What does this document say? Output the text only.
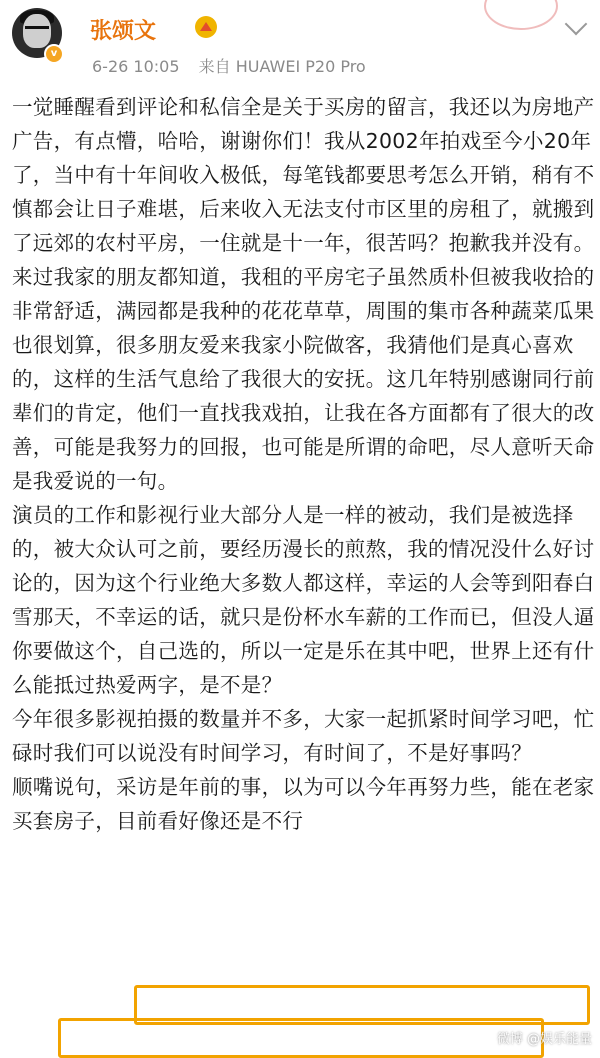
v
张颂文
6-26 10:05 来自 HUAWEI P20 Pro

一觉睡醒看到评论和私信全是关于买房的留言，我还以为房地产广告，有点懵，哈哈，谢谢你们！我从2002年拍戏至今小20年了，当中有十年间收入极低，每笔钱都要思考怎么开销，稍有不慎都会让日子难堪，后来收入无法支付市区里的房租了，就搬到了远郊的农村平房，一住就是十一年，很苦吗？抱歉我并没有。来过我家的朋友都知道，我租的平房宅子虽然质朴但被我收拾的非常舒适，满园都是我种的花花草草，周围的集市各种蔬菜瓜果也很划算，很多朋友爱来我家小院做客，我猜他们是真心喜欢的，这样的生活气息给了我很大的安抚。这几年特别感谢同行前辈们的肯定，他们一直找我戏拍，让我在各方面都有了很大的改善，可能是我努力的回报，也可能是所谓的命吧，尽人意听天命是我爱说的一句。

演员的工作和影视行业大部分人是一样的被动，我们是被选择的，被大众认可之前，要经历漫长的煎熬，我的情况没什么好讨论的，因为这个行业绝大多数人都这样，幸运的人会等到阳春白雪那天，不幸运的话，就只是份杯水车薪的工作而已，但没人逼你要做这个，自己选的，所以一定是乐在其中吧，世界上还有什么能抵过热爱两字，是不是？

今年很多影视拍摄的数量并不多，大家一起抓紧时间学习吧，忙碌时我们可以说没有时间学习，有时间了，不是好事吗？

顺嘴说句，采访是年前的事，以为可以今年再努力些，能在老家买套房子，目前看好像还是不行

微博 @娱乐能量
